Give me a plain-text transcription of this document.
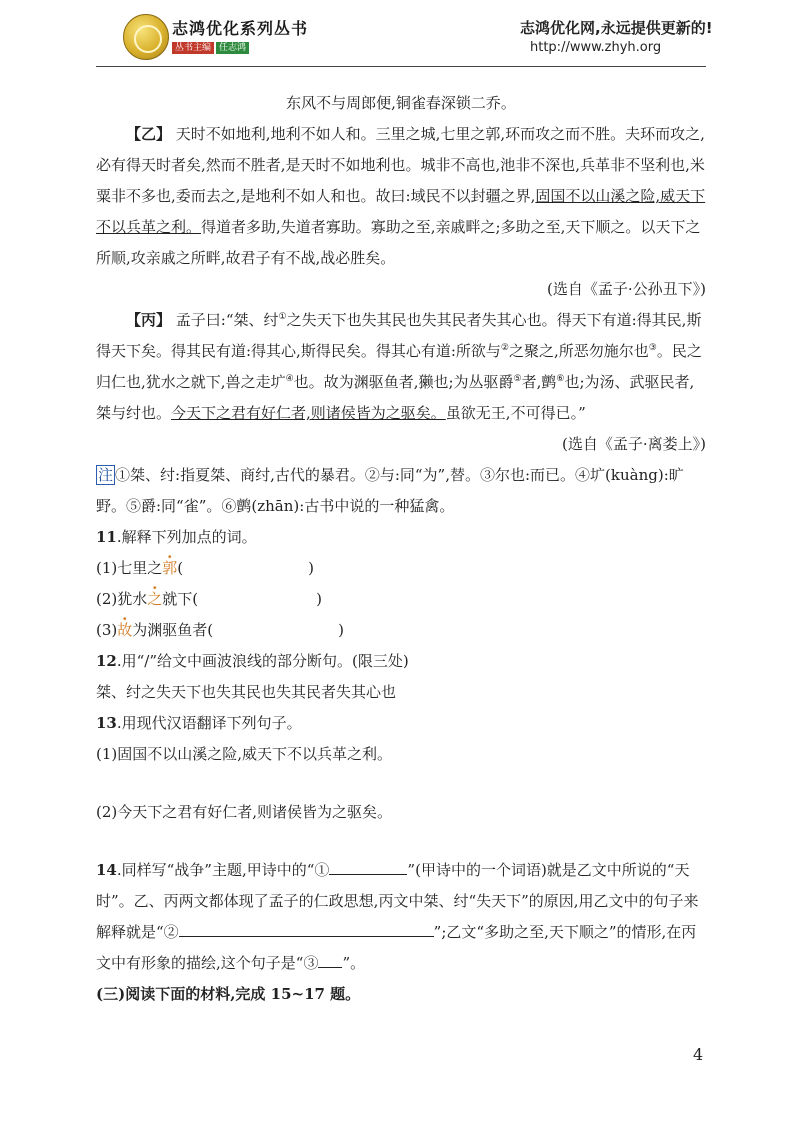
志鸿优化系列丛书
丛书主编 任志鸿
志鸿优化网,永远提供更新的!
http://www.zhyh.org

东风不与周郎便,铜雀春深锁二乔。

【乙】 天时不如地利,地利不如人和。三里之城,七里之郭,环而攻之而不胜。夫环而攻之,必有得天时者矣,然而不胜者,是天时不如地利也。城非不高也,池非不深也,兵革非不坚利也,米粟非不多也,委而去之,是地利不如人和也。故曰:域民不以封疆之界,固国不以山溪之险,威天下不以兵革之利。得道者多助,失道者寡助。寡助之至,亲戚畔之;多助之至,天下顺之。以天下之所顺,攻亲戚之所畔,故君子有不战,战必胜矣。

(选自《孟子·公孙丑下》)

【丙】 孟子曰:“桀、纣①之失天下也失其民也失其民者失其心也。得天下有道:得其民,斯得天下矣。得其民有道:得其心,斯得民矣。得其心有道:所欲与②之聚之,所恶勿施尔也③。民之归仁也,犹水之就下,兽之走圹④也。故为渊驱鱼者,獭也;为丛驱爵⑤者,鹯⑥也;为汤、武驱民者,桀与纣也。今天下之君有好仁者,则诸侯皆为之驱矣。虽欲无王,不可得已。”

(选自《孟子·离娄上》)

注 ①桀、纣:指夏桀、商纣,古代的暴君。②与:同“为”,替。③尔也:而已。④圹(kuàng):旷野。⑤爵:同“雀”。⑥鹯(zhān):古书中说的一种猛禽。

11.解释下列加点的词。

(1)七里之郭(	)

(2)犹水之就下(	)

(3)故为渊驱鱼者(	)

12.用“/”给文中画波浪线的部分断句。(限三处)

桀、纣之失天下也失其民也失其民者失其心也

13.用现代汉语翻译下列句子。

(1)固国不以山溪之险,威天下不以兵革之利。

(2)今天下之君有好仁者,则诸侯皆为之驱矣。

14.同样写“战争”主题,甲诗中的“①	”(甲诗中的一个词语)就是乙文中所说的“天时”。乙、丙两文都体现了孟子的仁政思想,丙文中桀、纣“失天下”的原因,用乙文中的句子来解释就是“②	”;乙文“多助之至,天下顺之”的情形,在丙文中有形象的描绘,这个句子是“③ ”。

(三)阅读下面的材料,完成 15~17 题。

4
